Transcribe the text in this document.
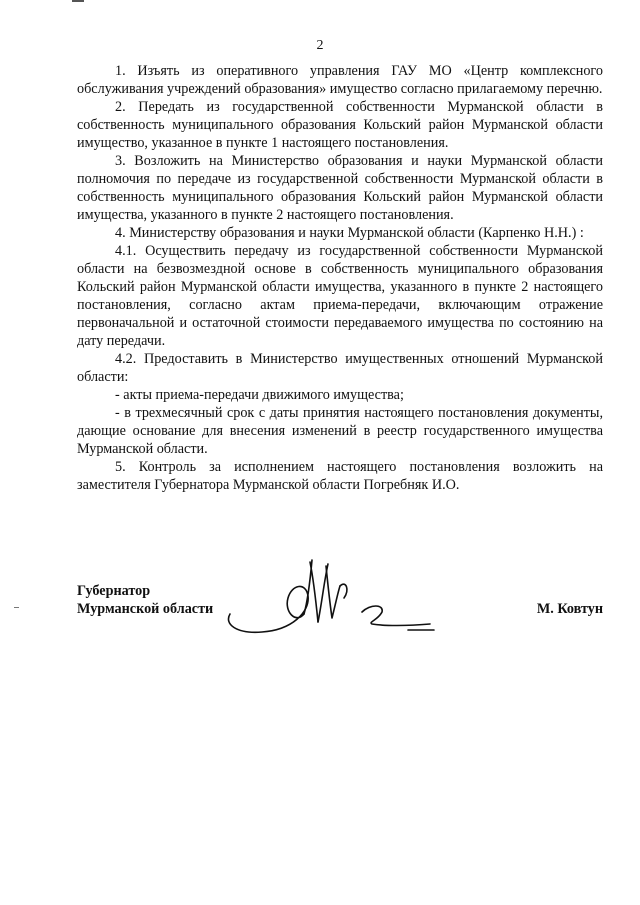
2

1. Изъять из оперативного управления ГАУ МО «Центр комплексного обслуживания учреждений образования» имущество согласно прилагаемому перечню.

2. Передать из государственной собственности Мурманской области в собственность муниципального образования Кольский район Мурманской области имущество, указанное в пункте 1 настоящего постановления.

3. Возложить на Министерство образования и науки Мурманской области полномочия по передаче из государственной собственности Мурманской области в собственность муниципального образования Кольский район Мурманской области имущества, указанного в пункте 2 настоящего постановления.

4. Министерству образования и науки Мурманской области (Карпенко Н.Н.) :

4.1. Осуществить передачу из государственной собственности Мурманской области на безвозмездной основе в собственность муниципального образования Кольский район Мурманской области имущества, указанного в пункте 2 настоящего постановления, согласно актам приема-передачи, включающим отражение первоначальной и остаточной стоимости передаваемого имущества по состоянию на дату передачи.

4.2. Предоставить в Министерство имущественных отношений Мурманской области:

- акты приема-передачи движимого имущества;

- в трехмесячный срок с даты принятия настоящего постановления документы, дающие основание для внесения изменений в реестр государственного имущества Мурманской области.

5. Контроль за исполнением настоящего постановления возложить на заместителя Губернатора Мурманской области Погребняк И.О.

Губернатор
Мурманской области	М. Ковтун
